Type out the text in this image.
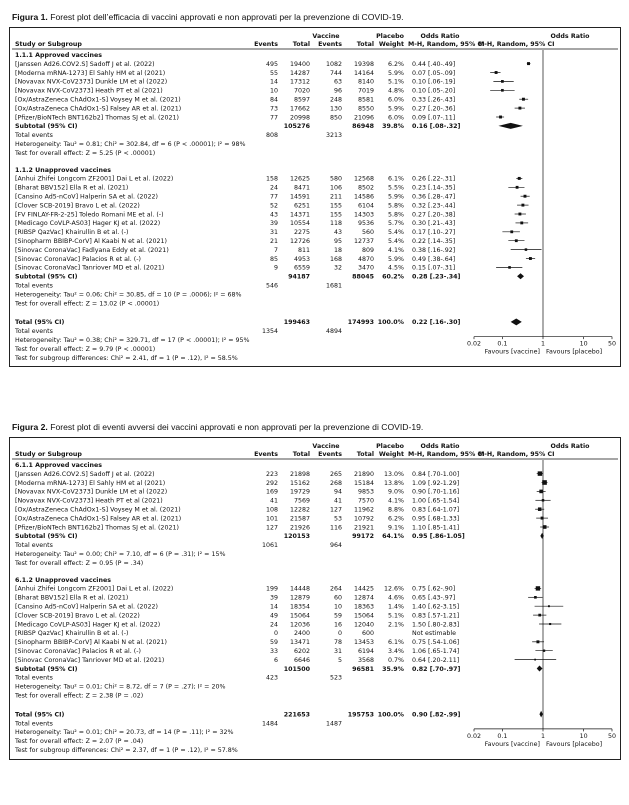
Figura 1. Forest plot dell’efficacia di vaccini approvati e non approvati per la prevenzione di COVID-19.
Vaccine	Placebo	Odds Ratio	Odds Ratio
Study or Subgroup	Events Total Events Total Weight M-H, Random, 95% CI
M-H, Random, 95% CI
1.1.1 Approved vaccines
[Janssen Ad26.COV2.S] Sadoff J et al. (2022)	495 19400	1082 19398 6.2% 0.44 [.40-.49]
[Moderna mRNA-1273] El Sahly HM et al (2021)	55 14287	744 14164 5.9% 0.07 [.05-.09]
[Novavax NVX-CoV2373] Dunkle LM et al (2022)	14 17312	63	8140 5.1% 0.10 [.06-.19]
[Novavax NVX-CoV2373] Heath PT et al (2021)	10	7020	96	7019 4.8% 0.10 [.05-.20]
[Ox/AstraZeneca ChAdOx1-S] Voysey M et al. (2021)	84	8597	248	8581 6.0% 0.33 [.26-.43]
[Ox/AstraZeneca ChAdOx1-S] Falsey AR et al. (2021)	73 17662	130	8550 5.9% 0.27 [.20-.36]
[Pfizer/BioNTech BNT162b2] Thomas SJ et al. (2021)	77 20998	850 21096 6.0% 0.09 [.07-.11]
Subtotal (95% CI)	105276	86948 39.8% 0.16 [.08-.32]
Total events	808	3213
Heterogeneity: Tau² = 0.81; Chi² = 302.84, df = 6 (P < .00001); I² = 98%
Test for overall effect: Z = 5.25 (P < .00001)
1.1.2 Unapproved vaccines
[Anhui Zhifei Longcom ZF2001] Dai L et al. (2022)	158 12625	580 12568 6.1% 0.26 [.22-.31]
[Bharat BBV152] Ella R et al. (2021)	24	8471	106	8502 5.5% 0.23 [.14-.35]
[Cansino Ad5-nCoV] Halperin SA et al. (2022)	77 14591	211 14586 5.9% 0.36 [.28-.47]
[Clover SCB-2019] Bravo L et al. (2022)	52	6251	155	6104 5.8% 0.32 [.23-.44]
[FV FINLAY-FR-2-25] Toledo Romani ME et al. (-)	43 14371	155 14303 5.8% 0.27 [.20-.38]
[Medicago CoVLP-AS03] Hager KJ et al. (2022)	39 10554	118	9536 5.7% 0.30 [.21-.43]
[RIBSP QazVac] Khairullin B et al. (-)	31	2275	43	560 5.4% 0.17 [.10-.27]
[Sinopharm BBIBP-CorV] Al Kaabi N et al. (2021)	21 12726	95 12737 5.4% 0.22 [.14-.35]
[Sinovac CoronaVac] Fadlyana Eddy et al. (2021)	7	811	18	809 4.1% 0.38 [.16-.92]
[Sinovac CoronaVac] Palacios R et al. (-)	85	4953	168	4870 5.9% 0.49 [.38-.64]
[Sinovac CoronaVac] Tanriover MD et al. (2021)	9	6559	32	3470 4.5% 0.15 [.07-.31]
Subtotal (95% CI)	94187	88045 60.2% 0.28 [.23-.34]
Total events	546	1681
Heterogeneity: Tau² = 0.06; Chi² = 30.85, df = 10 (P = .0006); I² = 68%
Test for overall effect: Z = 13.02 (P < .00001)
Total (95% CI)	199463	174993 100.0% 0.22 [.16-.30]
Total events	1354	4894
Heterogeneity: Tau² = 0.38; Chi² = 329.71, df = 17 (P < .00001); I² = 95%
Test for overall effect: Z = 9.79 (P < .00001)
Test for subgroup differences: Chi² = 2.41, df = 1 (P = .12), I² = 58.5%
0.02	0.1	1	10	50
Favours [vaccine] Favours [placebo]
Figura 2. Forest plot di eventi avversi dei vaccini approvati e non approvati per la prevenzione di COVID-19.
Vaccine	Placebo	Odds Ratio	Odds Ratio
Study or Subgroup	Events Total Events Total Weight M-H, Random, 95% CI
M-H, Random, 95% CI
6.1.1 Approved vaccines
[Janssen Ad26.COV2.S] Sadoff J et al. (2022)	223 21898	265 21890 13.0% 0.84 [.70-1.00]
[Moderna mRNA-1273] El Sahly HM et al (2021)	292 15162	268 15184 13.8% 1.09 [.92-1.29]
[Novavax NVX-CoV2373] Dunkle LM et al (2022)	169 19729	94	9853 9.0% 0.90 [.70-1.16]
[Novavax NVX-CoV2373] Heath PT et al (2021)	41	7569	41	7570 4.1% 1.00 [.65-1.54]
[Ox/AstraZeneca ChAdOx1-S] Voysey M et al. (2021)	108 12282	127 11962 8.8% 0.83 [.64-1.07]
[Ox/AstraZeneca ChAdOx1-S] Falsey AR et al. (2021)	101 21587	53 10792 6.2% 0.95 [.68-1.33]
[Pfizer/BioNTech BNT162b2] Thomas SJ et al. (2021)	127 21926	116 21921 9.1% 1.10 [.85-1.41]
Subtotal (95% CI)	120153	99172 64.1% 0.95 [.86-1.05]
Total events	1061	964
Heterogeneity: Tau² = 0.00; Chi² = 7.10, df = 6 (P = .31); I² = 15%
Test for overall effect: Z = 0.95 (P = .34)
6.1.2 Unapproved vaccines
[Anhui Zhifei Longcom ZF2001] Dai L et al. (2022)	199 14448	264 14425 12.6% 0.75 [.62-.90]
[Bharat BBV152] Ella R et al. (2021)	39 12879	60 12874 4.6% 0.65 [.43-.97]
[Cansino Ad5-nCoV] Halperin SA et al. (2022)	14 18354	10 18363 1.4% 1.40 [.62-3.15]
[Clover SCB-2019] Bravo L et al. (2022)	49 15064	59 15064 5.1% 0.83 [.57-1.21]
[Medicago CoVLP-AS03] Hager KJ et al. (2022)	24 12036	16 12040 2.1% 1.50 [.80-2.83]
[RIBSP QazVac] Khairullin B et al. (-)	0	2400	0	600	Not estimable
[Sinopharm BBIBP-CorV] Al Kaabi N et al. (2021)	59 13471	78 13453 6.1% 0.75 [.54-1.06]
[Sinovac CoronaVac] Palacios R et al. (-)	33	6202	31	6194 3.4% 1.06 [.65-1.74]
[Sinovac CoronaVac] Tanriover MD et al. (2021)	6	6646	5	3568 0.7% 0.64 [.20-2.11]
Subtotal (95% CI)	101500	96581 35.9% 0.82 [.70-.97]
Total events	423	523
Heterogeneity: Tau² = 0.01; Chi² = 8.72, df = 7 (P = .27); I² = 20%
Test for overall effect: Z = 2.38 (P = .02)
Total (95% CI)	221653	195753 100.0% 0.90 [.82-.99]
Total events	1484	1487
Heterogeneity: Tau² = 0.01; Chi² = 20.73, df = 14 (P = .11); I² = 32%
Test for overall effect: Z = 2.07 (P = .04)
Test for subgroup differences: Chi² = 2.37, df = 1 (P = .12), I² = 57.8%
0.02	0.1	1	10	50
Favours [vaccine] Favours [placebo]
